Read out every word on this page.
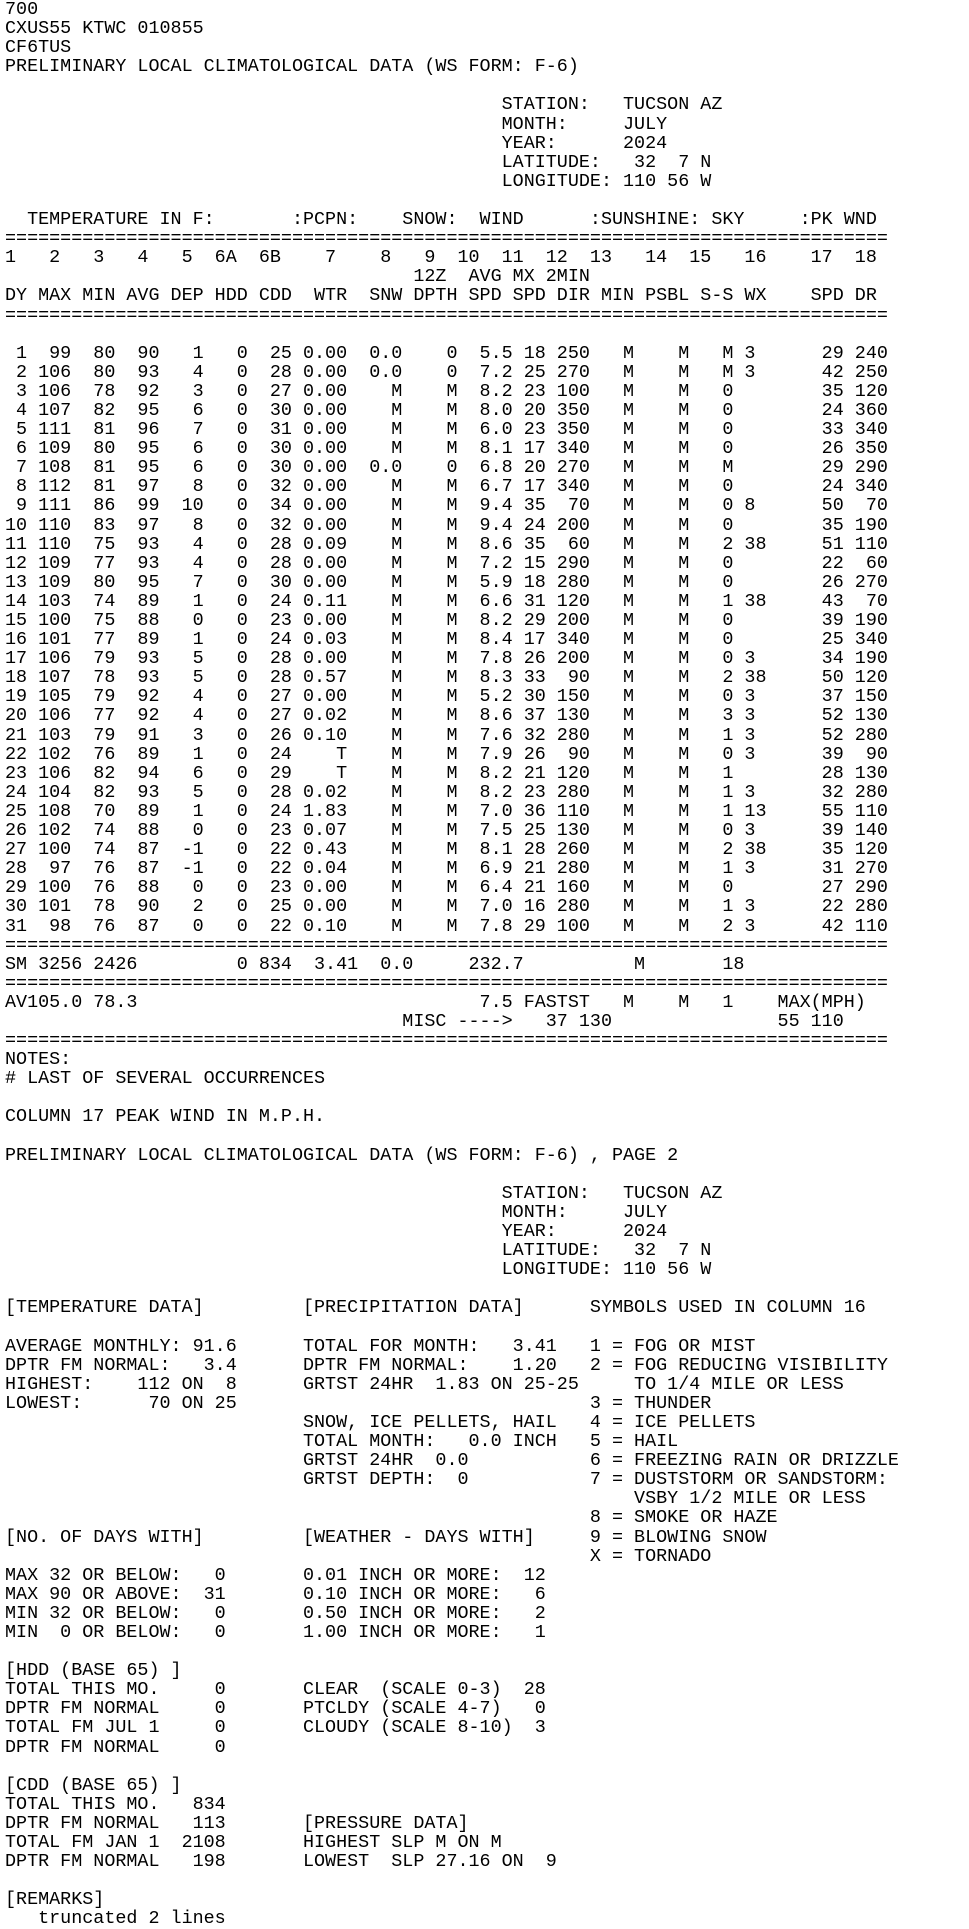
700
CXUS55 KTWC 010855
CF6TUS
PRELIMINARY LOCAL CLIMATOLOGICAL DATA (WS FORM: F-6)
STATION:   TUCSON AZ
MONTH:     JULY
YEAR:      2024
LATITUDE:   32  7 N
LONGITUDE: 110 56 W
TEMPERATURE IN F:       :PCPN:    SNOW:  WIND      :SUNSHINE: SKY     :PK WND
================================================================================
1   2   3   4   5  6A  6B    7    8   9  10  11  12  13   14  15   16    17  18
12Z  AVG MX 2MIN
DY MAX MIN AVG DEP HDD CDD  WTR  SNW DPTH SPD SPD DIR MIN PSBL S-S WX    SPD DR
================================================================================
1  99  80  90   1   0  25 0.00  0.0    0  5.5 18 250   M    M   M 3      29 240
2 106  80  93   4   0  28 0.00  0.0    0  7.2 25 270   M    M   M 3      42 250
3 106  78  92   3   0  27 0.00    M    M  8.2 23 100   M    M   0        35 120
4 107  82  95   6   0  30 0.00    M    M  8.0 20 350   M    M   0        24 360
5 111  81  96   7   0  31 0.00    M    M  6.0 23 350   M    M   0        33 340
6 109  80  95   6   0  30 0.00    M    M  8.1 17 340   M    M   0        26 350
7 108  81  95   6   0  30 0.00  0.0    0  6.8 20 270   M    M   M        29 290
8 112  81  97   8   0  32 0.00    M    M  6.7 17 340   M    M   0        24 340
9 111  86  99  10   0  34 0.00    M    M  9.4 35  70   M    M   0 8      50  70
10 110  83  97   8   0  32 0.00    M    M  9.4 24 200   M    M   0        35 190
11 110  75  93   4   0  28 0.09    M    M  8.6 35  60   M    M   2 38     51 110
12 109  77  93   4   0  28 0.00    M    M  7.2 15 290   M    M   0        22  60
13 109  80  95   7   0  30 0.00    M    M  5.9 18 280   M    M   0        26 270
14 103  74  89   1   0  24 0.11    M    M  6.6 31 120   M    M   1 38     43  70
15 100  75  88   0   0  23 0.00    M    M  8.2 29 200   M    M   0        39 190
16 101  77  89   1   0  24 0.03    M    M  8.4 17 340   M    M   0        25 340
17 106  79  93   5   0  28 0.00    M    M  7.8 26 200   M    M   0 3      34 190
18 107  78  93   5   0  28 0.57    M    M  8.3 33  90   M    M   2 38     50 120
19 105  79  92   4   0  27 0.00    M    M  5.2 30 150   M    M   0 3      37 150
20 106  77  92   4   0  27 0.02    M    M  8.6 37 130   M    M   3 3      52 130
21 103  79  91   3   0  26 0.10    M    M  7.6 32 280   M    M   1 3      52 280
22 102  76  89   1   0  24    T    M    M  7.9 26  90   M    M   0 3      39  90
23 106  82  94   6   0  29    T    M    M  8.2 21 120   M    M   1        28 130
24 104  82  93   5   0  28 0.02    M    M  8.2 23 280   M    M   1 3      32 280
25 108  70  89   1   0  24 1.83    M    M  7.0 36 110   M    M   1 13     55 110
26 102  74  88   0   0  23 0.07    M    M  7.5 25 130   M    M   0 3      39 140
27 100  74  87  -1   0  22 0.43    M    M  8.1 28 260   M    M   2 38     35 120
28  97  76  87  -1   0  22 0.04    M    M  6.9 21 280   M    M   1 3      31 270
29 100  76  88   0   0  23 0.00    M    M  6.4 21 160   M    M   0        27 290
30 101  78  90   2   0  25 0.00    M    M  7.0 16 280   M    M   1 3      22 280
31  98  76  87   0   0  22 0.10    M    M  7.8 29 100   M    M   2 3      42 110
================================================================================
SM 3256 2426         0 834  3.41  0.0     232.7          M       18
================================================================================
AV105.0 78.3                               7.5 FASTST   M    M   1    MAX(MPH)
MISC ---->   37 130               55 110
================================================================================
NOTES:
# LAST OF SEVERAL OCCURRENCES
COLUMN 17 PEAK WIND IN M.P.H.
PRELIMINARY LOCAL CLIMATOLOGICAL DATA (WS FORM: F-6) , PAGE 2
STATION:   TUCSON AZ
MONTH:     JULY
YEAR:      2024
LATITUDE:   32  7 N
LONGITUDE: 110 56 W
[TEMPERATURE DATA]         [PRECIPITATION DATA]      SYMBOLS USED IN COLUMN 16
AVERAGE MONTHLY: 91.6      TOTAL FOR MONTH:   3.41   1 = FOG OR MIST
DPTR FM NORMAL:   3.4      DPTR FM NORMAL:    1.20   2 = FOG REDUCING VISIBILITY
HIGHEST:    112 ON  8      GRTST 24HR  1.83 ON 25-25     TO 1/4 MILE OR LESS
LOWEST:      70 ON 25                                3 = THUNDER
SNOW, ICE PELLETS, HAIL   4 = ICE PELLETS
TOTAL MONTH:   0.0 INCH   5 = HAIL
GRTST 24HR  0.0           6 = FREEZING RAIN OR DRIZZLE
GRTST DEPTH:  0           7 = DUSTSTORM OR SANDSTORM:
VSBY 1/2 MILE OR LESS
8 = SMOKE OR HAZE
[NO. OF DAYS WITH]         [WEATHER - DAYS WITH]     9 = BLOWING SNOW
X = TORNADO
MAX 32 OR BELOW:   0       0.01 INCH OR MORE:  12
MAX 90 OR ABOVE:  31       0.10 INCH OR MORE:   6
MIN 32 OR BELOW:   0       0.50 INCH OR MORE:   2
MIN  0 OR BELOW:   0       1.00 INCH OR MORE:   1
[HDD (BASE 65) ]
TOTAL THIS MO.     0       CLEAR  (SCALE 0-3)  28
DPTR FM NORMAL     0       PTCLDY (SCALE 4-7)   0
TOTAL FM JUL 1     0       CLOUDY (SCALE 8-10)  3
DPTR FM NORMAL     0
[CDD (BASE 65) ]
TOTAL THIS MO.   834
DPTR FM NORMAL   113       [PRESSURE DATA]
TOTAL FM JAN 1  2108       HIGHEST SLP M ON M
DPTR FM NORMAL   198       LOWEST  SLP 27.16 ON  9
[REMARKS]
truncated 2 lines
